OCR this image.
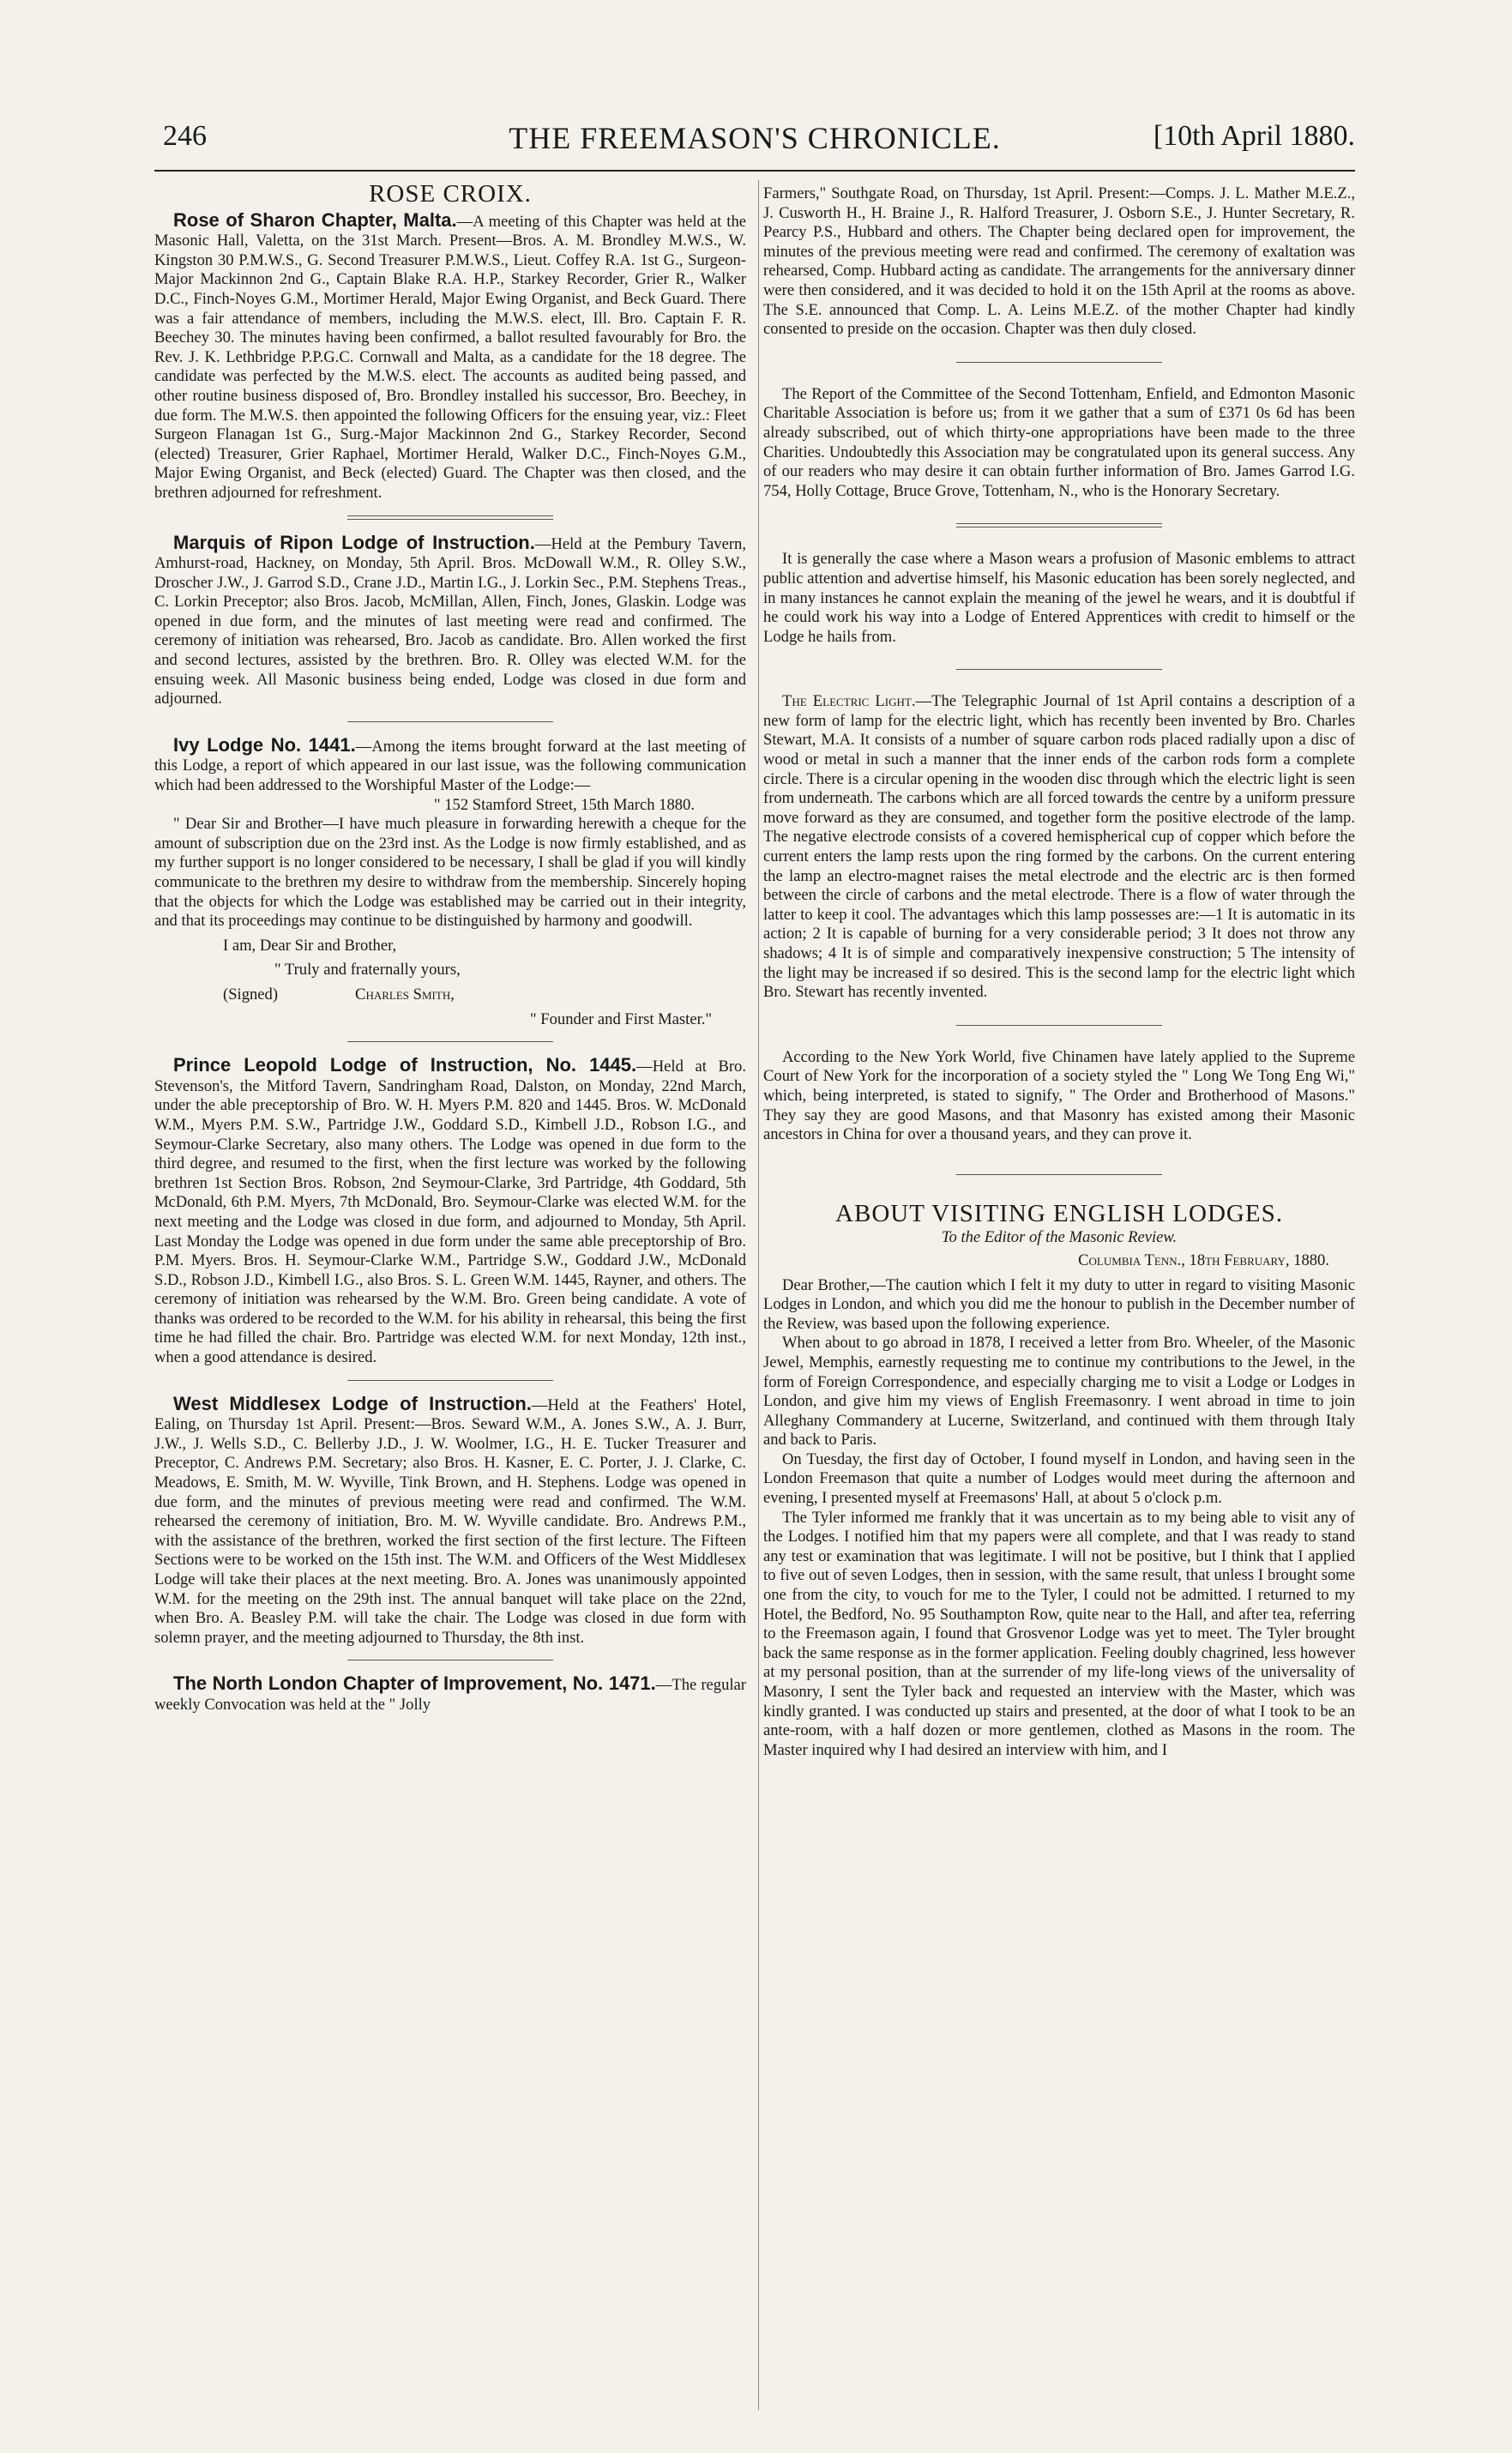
246	THE FREEMASON'S CHRONICLE.	[10th April 1880.
ROSE CROIX.

Rose of Sharon Chapter, Malta.—A meeting of this Chapter was held at the Masonic Hall, Valetta, on the 31st March. Present—Bros. A. M. Brondley M.W.S., W. Kingston 30 P.M.W.S., G. Second Treasurer P.M.W.S., Lieut. Coffey R.A. 1st G., Surgeon-Major Mackinnon 2nd G., Captain Blake R.A. H.P., Starkey Recorder, Grier R., Walker D.C., Finch-Noyes G.M., Mortimer Herald, Major Ewing Organist, and Beck Guard. There was a fair attendance of members, including the M.W.S. elect, Ill. Bro. Captain F. R. Beechey 30. The minutes having been confirmed, a ballot resulted favourably for Bro. the Rev. J. K. Lethbridge P.P.G.C. Cornwall and Malta, as a candidate for the 18 degree. The candidate was perfected by the M.W.S. elect. The accounts as audited being passed, and other routine business disposed of, Bro. Brondley installed his successor, Bro. Beechey, in due form. The M.W.S. then appointed the following Officers for the ensuing year, viz.: Fleet Surgeon Flanagan 1st G., Surg.-Major Mackinnon 2nd G., Starkey Recorder, Second (elected) Treasurer, Grier Raphael, Mortimer Herald, Walker D.C., Finch-Noyes G.M., Major Ewing Organist, and Beck (elected) Guard. The Chapter was then closed, and the brethren adjourned for refreshment.

Marquis of Ripon Lodge of Instruction.—Held at the Pembury Tavern, Amhurst-road, Hackney, on Monday, 5th April. Bros. McDowall W.M., R. Olley S.W., Droscher J.W., J. Garrod S.D., Crane J.D., Martin I.G., J. Lorkin Sec., P.M. Stephens Treas., C. Lorkin Preceptor; also Bros. Jacob, McMillan, Allen, Finch, Jones, Glaskin. Lodge was opened in due form, and the minutes of last meeting were read and confirmed. The ceremony of initiation was rehearsed, Bro. Jacob as candidate. Bro. Allen worked the first and second lectures, assisted by the brethren. Bro. R. Olley was elected W.M. for the ensuing week. All Masonic business being ended, Lodge was closed in due form and adjourned.

Ivy Lodge No. 1441.—Among the items brought forward at the last meeting of this Lodge, a report of which appeared in our last issue, was the following communication which had been addressed to the Worshipful Master of the Lodge:—

" 152 Stamford Street, 15th March 1880.

" Dear Sir and Brother—I have much pleasure in forwarding herewith a cheque for the amount of subscription due on the 23rd inst. As the Lodge is now firmly established, and as my further support is no longer considered to be necessary, I shall be glad if you will kindly communicate to the brethren my desire to withdraw from the membership. Sincerely hoping that the objects for which the Lodge was established may be carried out in their integrity, and that its proceedings may continue to be distinguished by harmony and goodwill.

I am, Dear Sir and Brother,

" Truly and fraternally yours,

(Signed)	Charles Smith,

" Founder and First Master."

Prince Leopold Lodge of Instruction, No. 1445.—Held at Bro. Stevenson's, the Mitford Tavern, Sandringham Road, Dalston, on Monday, 22nd March, under the able preceptorship of Bro. W. H. Myers P.M. 820 and 1445. Bros. W. McDonald W.M., Myers P.M. S.W., Partridge J.W., Goddard S.D., Kimbell J.D., Robson I.G., and Seymour-Clarke Secretary, also many others. The Lodge was opened in due form to the third degree, and resumed to the first, when the first lecture was worked by the following brethren 1st Section Bros. Robson, 2nd Seymour-Clarke, 3rd Partridge, 4th Goddard, 5th McDonald, 6th P.M. Myers, 7th McDonald, Bro. Seymour-Clarke was elected W.M. for the next meeting and the Lodge was closed in due form, and adjourned to Monday, 5th April. Last Monday the Lodge was opened in due form under the same able preceptorship of Bro. P.M. Myers. Bros. H. Seymour-Clarke W.M., Partridge S.W., Goddard J.W., McDonald S.D., Robson J.D., Kimbell I.G., also Bros. S. L. Green W.M. 1445, Rayner, and others. The ceremony of initiation was rehearsed by the W.M. Bro. Green being candidate. A vote of thanks was ordered to be recorded to the W.M. for his ability in rehearsal, this being the first time he had filled the chair. Bro. Partridge was elected W.M. for next Monday, 12th inst., when a good attendance is desired.

West Middlesex Lodge of Instruction.—Held at the Feathers' Hotel, Ealing, on Thursday 1st April. Present:—Bros. Seward W.M., A. Jones S.W., A. J. Burr, J.W., J. Wells S.D., C. Bellerby J.D., J. W. Woolmer, I.G., H. E. Tucker Treasurer and Preceptor, C. Andrews P.M. Secretary; also Bros. H. Kasner, E. C. Porter, J. J. Clarke, C. Meadows, E. Smith, M. W. Wyville, Tink Brown, and H. Stephens. Lodge was opened in due form, and the minutes of previous meeting were read and confirmed. The W.M. rehearsed the ceremony of initiation, Bro. M. W. Wyville candidate. Bro. Andrews P.M., with the assistance of the brethren, worked the first section of the first lecture. The Fifteen Sections were to be worked on the 15th inst. The W.M. and Officers of the West Middlesex Lodge will take their places at the next meeting. Bro. A. Jones was unanimously appointed W.M. for the meeting on the 29th inst. The annual banquet will take place on the 22nd, when Bro. A. Beasley P.M. will take the chair. The Lodge was closed in due form with solemn prayer, and the meeting adjourned to Thursday, the 8th inst.

The North London Chapter of Improvement, No. 1471.—The regular weekly Convocation was held at the " Jolly

Farmers," Southgate Road, on Thursday, 1st April. Present:—Comps. J. L. Mather M.E.Z., J. Cusworth H., H. Braine J., R. Halford Treasurer, J. Osborn S.E., J. Hunter Secretary, R. Pearcy P.S., Hubbard and others. The Chapter being declared open for improvement, the minutes of the previous meeting were read and confirmed. The ceremony of exaltation was rehearsed, Comp. Hubbard acting as candidate. The arrangements for the anniversary dinner were then considered, and it was decided to hold it on the 15th April at the rooms as above. The S.E. announced that Comp. L. A. Leins M.E.Z. of the mother Chapter had kindly consented to preside on the occasion. Chapter was then duly closed.

The Report of the Committee of the Second Tottenham, Enfield, and Edmonton Masonic Charitable Association is before us; from it we gather that a sum of £371 0s 6d has been already subscribed, out of which thirty-one appropriations have been made to the three Charities. Undoubtedly this Association may be congratulated upon its general success. Any of our readers who may desire it can obtain further information of Bro. James Garrod I.G. 754, Holly Cottage, Bruce Grove, Tottenham, N., who is the Honorary Secretary.

It is generally the case where a Mason wears a profusion of Masonic emblems to attract public attention and advertise himself, his Masonic education has been sorely neglected, and in many instances he cannot explain the meaning of the jewel he wears, and it is doubtful if he could work his way into a Lodge of Entered Apprentices with credit to himself or the Lodge he hails from.

The Electric Light.—The Telegraphic Journal of 1st April contains a description of a new form of lamp for the electric light, which has recently been invented by Bro. Charles Stewart, M.A. It consists of a number of square carbon rods placed radially upon a disc of wood or metal in such a manner that the inner ends of the carbon rods form a complete circle. There is a circular opening in the wooden disc through which the electric light is seen from underneath. The carbons which are all forced towards the centre by a uniform pressure move forward as they are consumed, and together form the positive electrode of the lamp. The negative electrode consists of a covered hemispherical cup of copper which before the current enters the lamp rests upon the ring formed by the carbons. On the current entering the lamp an electro-magnet raises the metal electrode and the electric arc is then formed between the circle of carbons and the metal electrode. There is a flow of water through the latter to keep it cool. The advantages which this lamp possesses are:—1 It is automatic in its action; 2 It is capable of burning for a very considerable period; 3 It does not throw any shadows; 4 It is of simple and comparatively inexpensive construction; 5 The intensity of the light may be increased if so desired. This is the second lamp for the electric light which Bro. Stewart has recently invented.

According to the New York World, five Chinamen have lately applied to the Supreme Court of New York for the incorporation of a society styled the " Long We Tong Eng Wi," which, being interpreted, is stated to signify, " The Order and Brotherhood of Masons." They say they are good Masons, and that Masonry has existed among their Masonic ancestors in China for over a thousand years, and they can prove it.

ABOUT VISITING ENGLISH LODGES.

To the Editor of the Masonic Review.

Columbia Tenn., 18th February, 1880.

Dear Brother,—The caution which I felt it my duty to utter in regard to visiting Masonic Lodges in London, and which you did me the honour to publish in the December number of the Review, was based upon the following experience.

When about to go abroad in 1878, I received a letter from Bro. Wheeler, of the Masonic Jewel, Memphis, earnestly requesting me to continue my contributions to the Jewel, in the form of Foreign Correspondence, and especially charging me to visit a Lodge or Lodges in London, and give him my views of English Freemasonry. I went abroad in time to join Alleghany Commandery at Lucerne, Switzerland, and continued with them through Italy and back to Paris.

On Tuesday, the first day of October, I found myself in London, and having seen in the London Freemason that quite a number of Lodges would meet during the afternoon and evening, I presented myself at Freemasons' Hall, at about 5 o'clock p.m.

The Tyler informed me frankly that it was uncertain as to my being able to visit any of the Lodges. I notified him that my papers were all complete, and that I was ready to stand any test or examination that was legitimate. I will not be positive, but I think that I applied to five out of seven Lodges, then in session, with the same result, that unless I brought some one from the city, to vouch for me to the Tyler, I could not be admitted. I returned to my Hotel, the Bedford, No. 95 Southampton Row, quite near to the Hall, and after tea, referring to the Freemason again, I found that Grosvenor Lodge was yet to meet. The Tyler brought back the same response as in the former application. Feeling doubly chagrined, less however at my personal position, than at the surrender of my life-long views of the universality of Masonry, I sent the Tyler back and requested an interview with the Master, which was kindly granted. I was conducted up stairs and presented, at the door of what I took to be an ante-room, with a half dozen or more gentlemen, clothed as Masons in the room. The Master inquired why I had desired an interview with him, and I
